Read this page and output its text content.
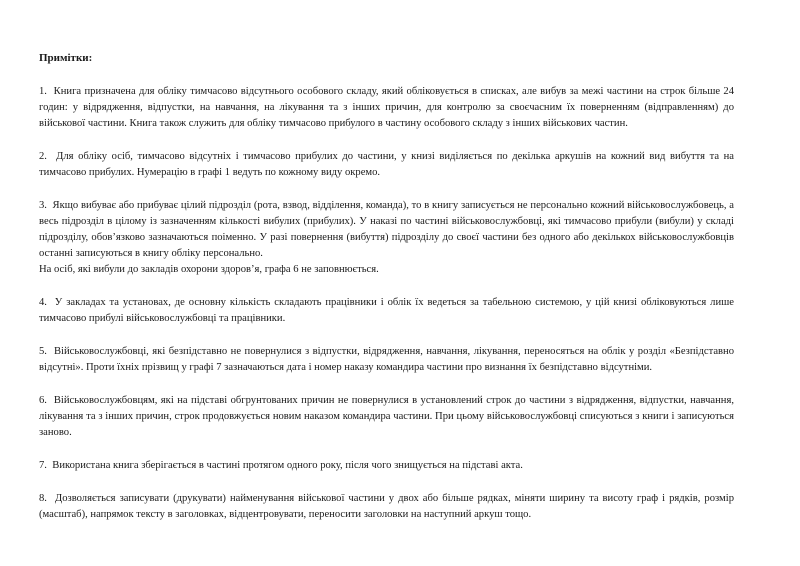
Примітки:

1. Книга призначена для обліку тимчасово відсутнього особового складу, який обліковується в списках, але вибув за межі частини на строк більше 24 годин: у відрядження, відпустки, на навчання, на лікування та з інших причин, для контролю за своєчасним їх поверненням (відправленням) до військової частини. Книга також служить для обліку тимчасово прибулого в частину особового складу з інших військових частин.

2. Для обліку осіб, тимчасово відсутніх і тимчасово прибулих до частини, у книзі виділяється по декілька аркушів на кожний вид вибуття та на тимчасово прибулих. Нумерацію в графі 1 ведуть по кожному виду окремо.

3. Якщо вибуває або прибуває цілий підрозділ (рота, взвод, відділення, команда), то в книгу записується не персонально кожний військовослужбовець, а весь підрозділ в цілому із зазначенням кількості вибулих (прибулих). У наказі по частині військовослужбовці, які тимчасово прибули (вибули) у складі підрозділу, обов’язково зазначаються поіменно. У разі повернення (вибуття) підрозділу до своєї частини без одного або декількох військовослужбовців останні записуються в книгу обліку персонально.
На осіб, які вибули до закладів охорони здоров’я, графа 6 не заповнюється.

4. У закладах та установах, де основну кількість складають працівники і облік їх ведеться за табельною системою, у цій книзі обліковуються лише тимчасово прибулі військовослужбовці та працівники.

5. Військовослужбовці, які безпідставно не повернулися з відпустки, відрядження, навчання, лікування, переносяться на облік у розділ «Безпідставно відсутні». Проти їхніх прізвищ у графі 7 зазначаються дата і номер наказу командира частини про визнання їх безпідставно відсутніми.

6. Військовослужбовцям, які на підставі обгрунтованих причин не повернулися в установлений строк до частини з відрядження, відпустки, навчання, лікування та з інших причин, строк продовжується новим наказом командира частини. При цьому військовослужбовці списуються з книги і записуються заново.

7. Використана книга зберігається в частині протягом одного року, після чого знищується на підставі акта.

8. Дозволяється записувати (друкувати) найменування військової частини у двох або більше рядках, міняти ширину та висоту граф і рядків, розмір (масштаб), напрямок тексту в заголовках, відцентровувати, переносити заголовки на наступний аркуш тощо.
